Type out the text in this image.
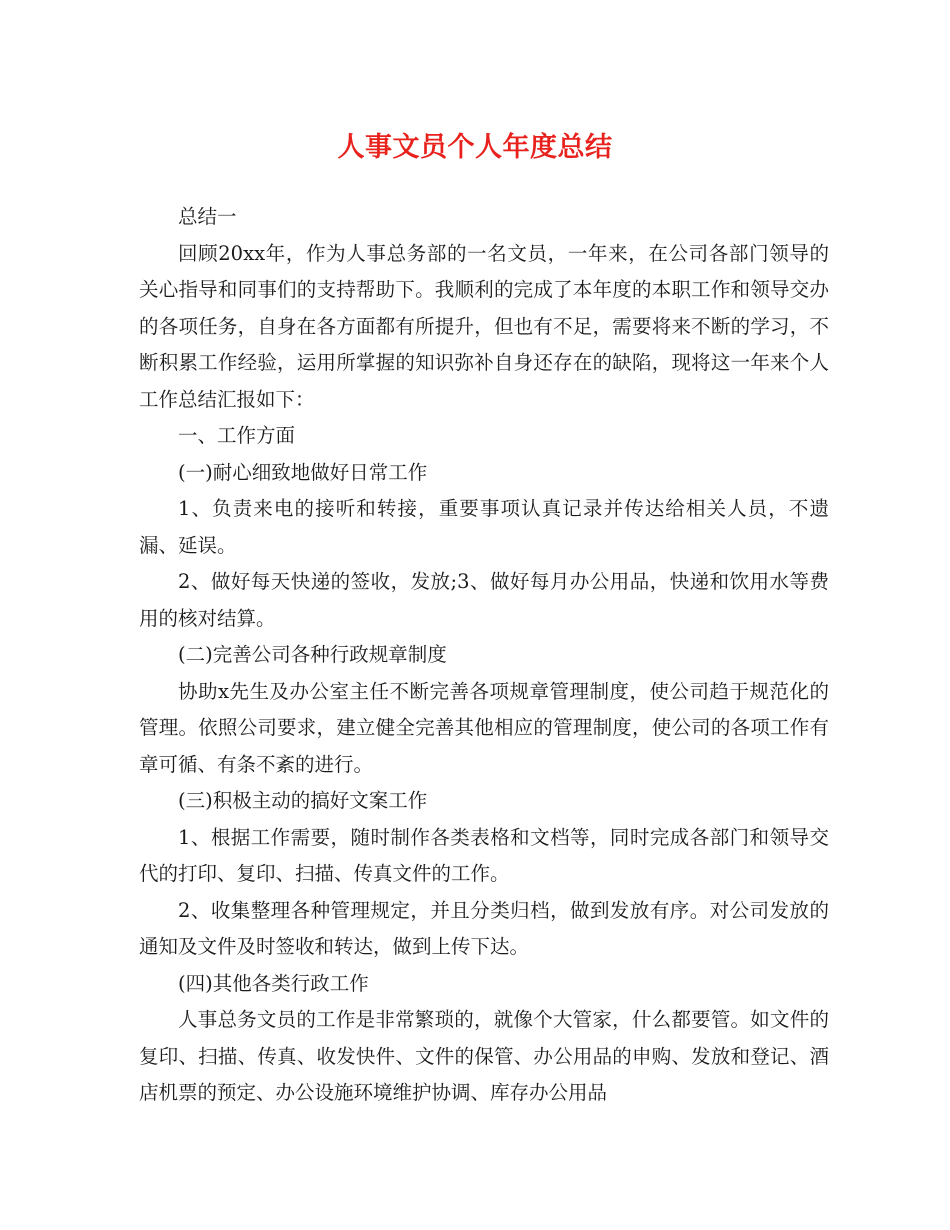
人事文员个人年度总结

总结一

回顾20xx年，作为人事总务部的一名文员，一年来，在公司各部门领导的关心指导和同事们的支持帮助下。我顺利的完成了本年度的本职工作和领导交办的各项任务，自身在各方面都有所提升，但也有不足，需要将来不断的学习，不断积累工作经验，运用所掌握的知识弥补自身还存在的缺陷，现将这一年来个人工作总结汇报如下：

一、工作方面

(一)耐心细致地做好日常工作

1、负责来电的接听和转接，重要事项认真记录并传达给相关人员，不遗漏、延误。

2、做好每天快递的签收，发放;3、做好每月办公用品，快递和饮用水等费用的核对结算。

(二)完善公司各种行政规章制度

协助x先生及办公室主任不断完善各项规章管理制度，使公司趋于规范化的管理。依照公司要求，建立健全完善其他相应的管理制度，使公司的各项工作有章可循、有条不紊的进行。

(三)积极主动的搞好文案工作

1、根据工作需要，随时制作各类表格和文档等，同时完成各部门和领导交代的打印、复印、扫描、传真文件的工作。

2、收集整理各种管理规定，并且分类归档，做到发放有序。对公司发放的通知及文件及时签收和转达，做到上传下达。

(四)其他各类行政工作

人事总务文员的工作是非常繁琐的，就像个大管家，什么都要管。如文件的复印、扫描、传真、收发快件、文件的保管、办公用品的申购、发放和登记、酒店机票的预定、办公设施环境维护协调、库存办公用品
